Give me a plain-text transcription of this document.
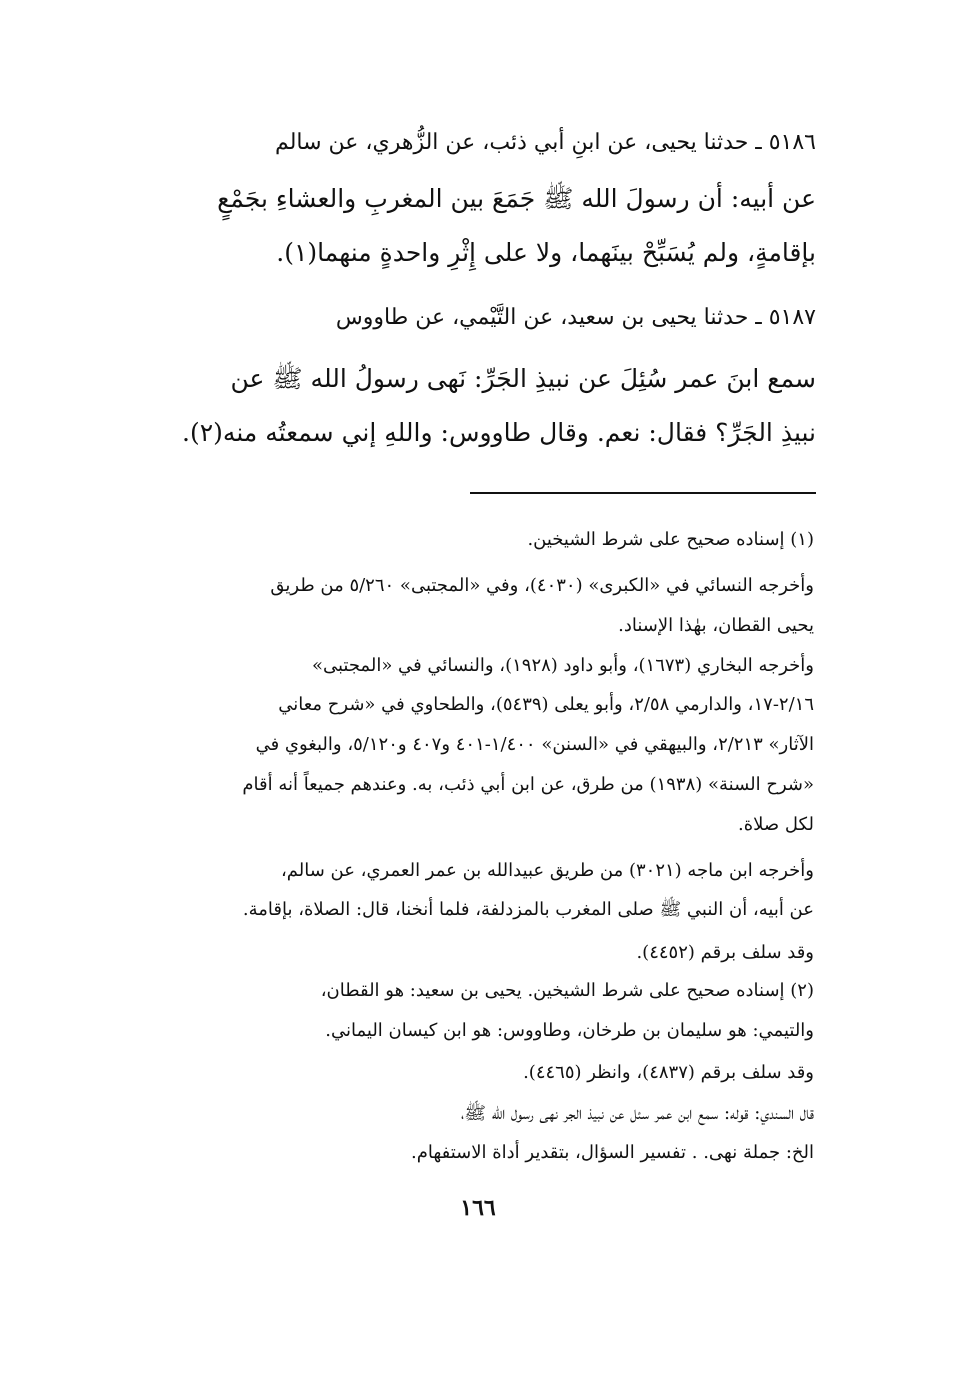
٥١٨٦ ـ حدثنا يحيى، عن ابنِ أبي ذئب، عن الزُّهري، عن سالم
عن أبيه: أن رسولَ الله ﷺ جَمَعَ بين المغربِ والعشاءِ بجَمْعٍ
بإقامةٍ، ولم يُسَبِّحْ بينَهما، ولا على إِثْرِ واحدةٍ منهما(١).
٥١٨٧ ـ حدثنا يحيى بن سعيد، عن التَّيْمي، عن طاووس
سمع ابنَ عمر سُئِلَ عن نبيذِ الجَرِّ: نَهى رسولُ الله ﷺ عن
نبيذِ الجَرِّ؟ فقال: نعم. وقال طاووس: واللهِ إني سمعتُه منه(٢).
(١) إسناده صحيح على شرط الشيخين.
وأخرجه النسائي في «الكبرى» (٤٠٣٠)، وفي «المجتبى» ٥/٢٦٠ من طريق
يحيى القطان، بهٰذا الإسناد.
وأخرجه البخاري (١٦٧٣)، وأبو داود (١٩٢٨)، والنسائي في «المجتبى»
٢/١٦-١٧، والدارمي ٢/٥٨، وأبو يعلى (٥٤٣٩)، والطحاوي في «شرح معاني
الآثار» ٢/٢١٣، والبيهقي في «السنن» ١/٤٠٠-٤٠١ و٤٠٧ و٥/١٢٠، والبغوي في
«شرح السنة» (١٩٣٨) من طرق، عن ابن أبي ذئب، به. وعندهم جميعاً أنه أقام
لكل صلاة.
وأخرجه ابن ماجه (٣٠٢١) من طريق عبيدالله بن عمر العمري، عن سالم،
عن أبيه، أن النبي ﷺ صلى المغرب بالمزدلفة، فلما أنخنا، قال: الصلاة، بإقامة.
وقد سلف برقم (٤٤٥٢).
(٢) إسناده صحيح على شرط الشيخين. يحيى بن سعيد: هو القطان،
والتيمي: هو سليمان بن طرخان، وطاووس: هو ابن كيسان اليماني.
وقد سلف برقم (٤٨٣٧)، وانظر (٤٤٦٥).
قال السندي: قوله: سمع ابن عمر سئل عن نبيذ الجر نهى رسول الله ﷺ،
الخ: جملة نهى. . تفسير السؤال، بتقدير أداة الاستفهام.
١٦٦
